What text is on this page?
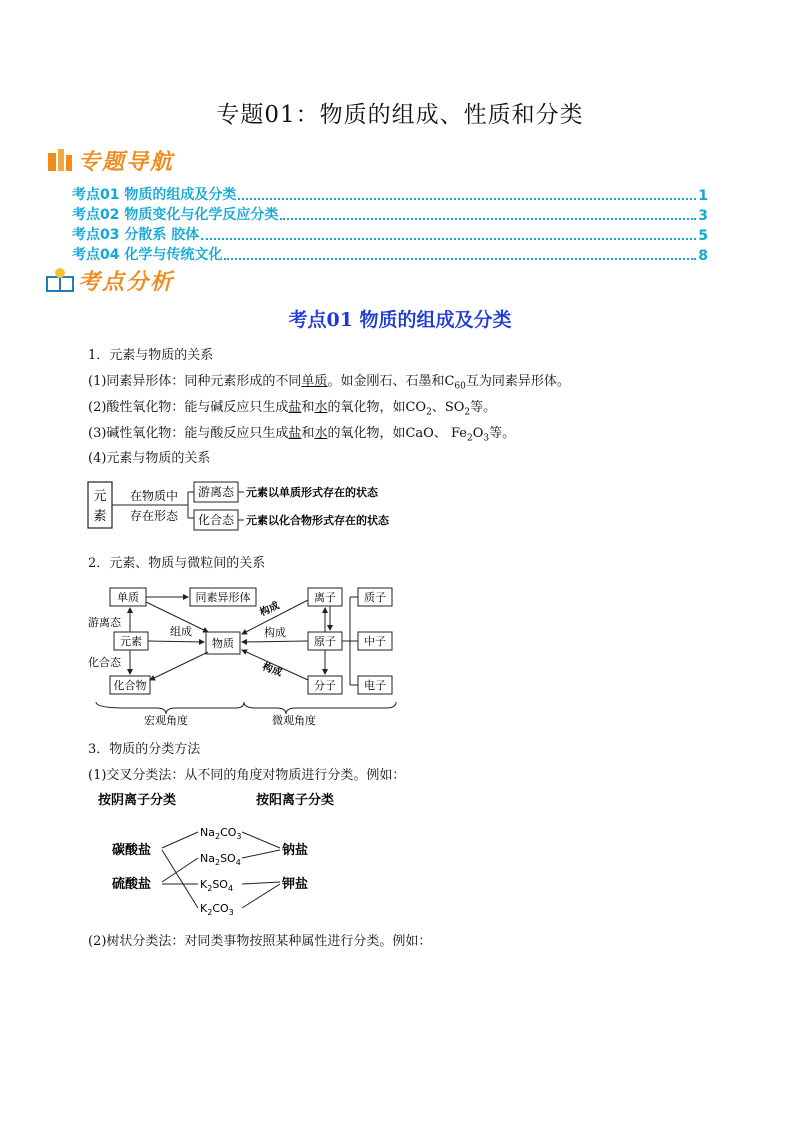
专题01：物质的组成、性质和分类
专题导航
考点01 物质的组成及分类	1
考点02 物质变化与化学反应分类	3
考点03 分散系 胶体	5
考点04 化学与传统文化	8
考点分析
考点01 物质的组成及分类
1．元素与物质的关系
(1)同素异形体：同种元素形成的不同单质。如金刚石、石墨和$C_{60}$互为同素异形体。
(2)酸性氧化物：能与碱反应只生成盐和水的氧化物，如$CO_2$、$SO_2$等。
(3)碱性氧化物：能与酸反应只生成盐和水的氧化物，如CaO、 $Fe_2O_3$等。
(4)元素与物质的关系
元
素
在物质中
存在形态
游离态
化合态
元素以单质形式存在的状态
元素以化合物形式存在的状态
2．元素、物质与微粒间的关系
单质	同素异形体
游离态
元素
化合态
化合物
物质
组成
离子
原子
分子
构成
构成
构成
质子
中子
电子
宏观角度	微观角度
3．物质的分类方法
(1)交叉分类法：从不同的角度对物质进行分类。例如：
按阴离子分类	按阳离子分类
碳酸盐
硫酸盐
钠盐
钾盐
$Na_2CO_3$
$Na_2SO_4$
$K_2SO_4$
$K_2CO_3$
(2)树状分类法：对同类事物按照某种属性进行分类。例如：
